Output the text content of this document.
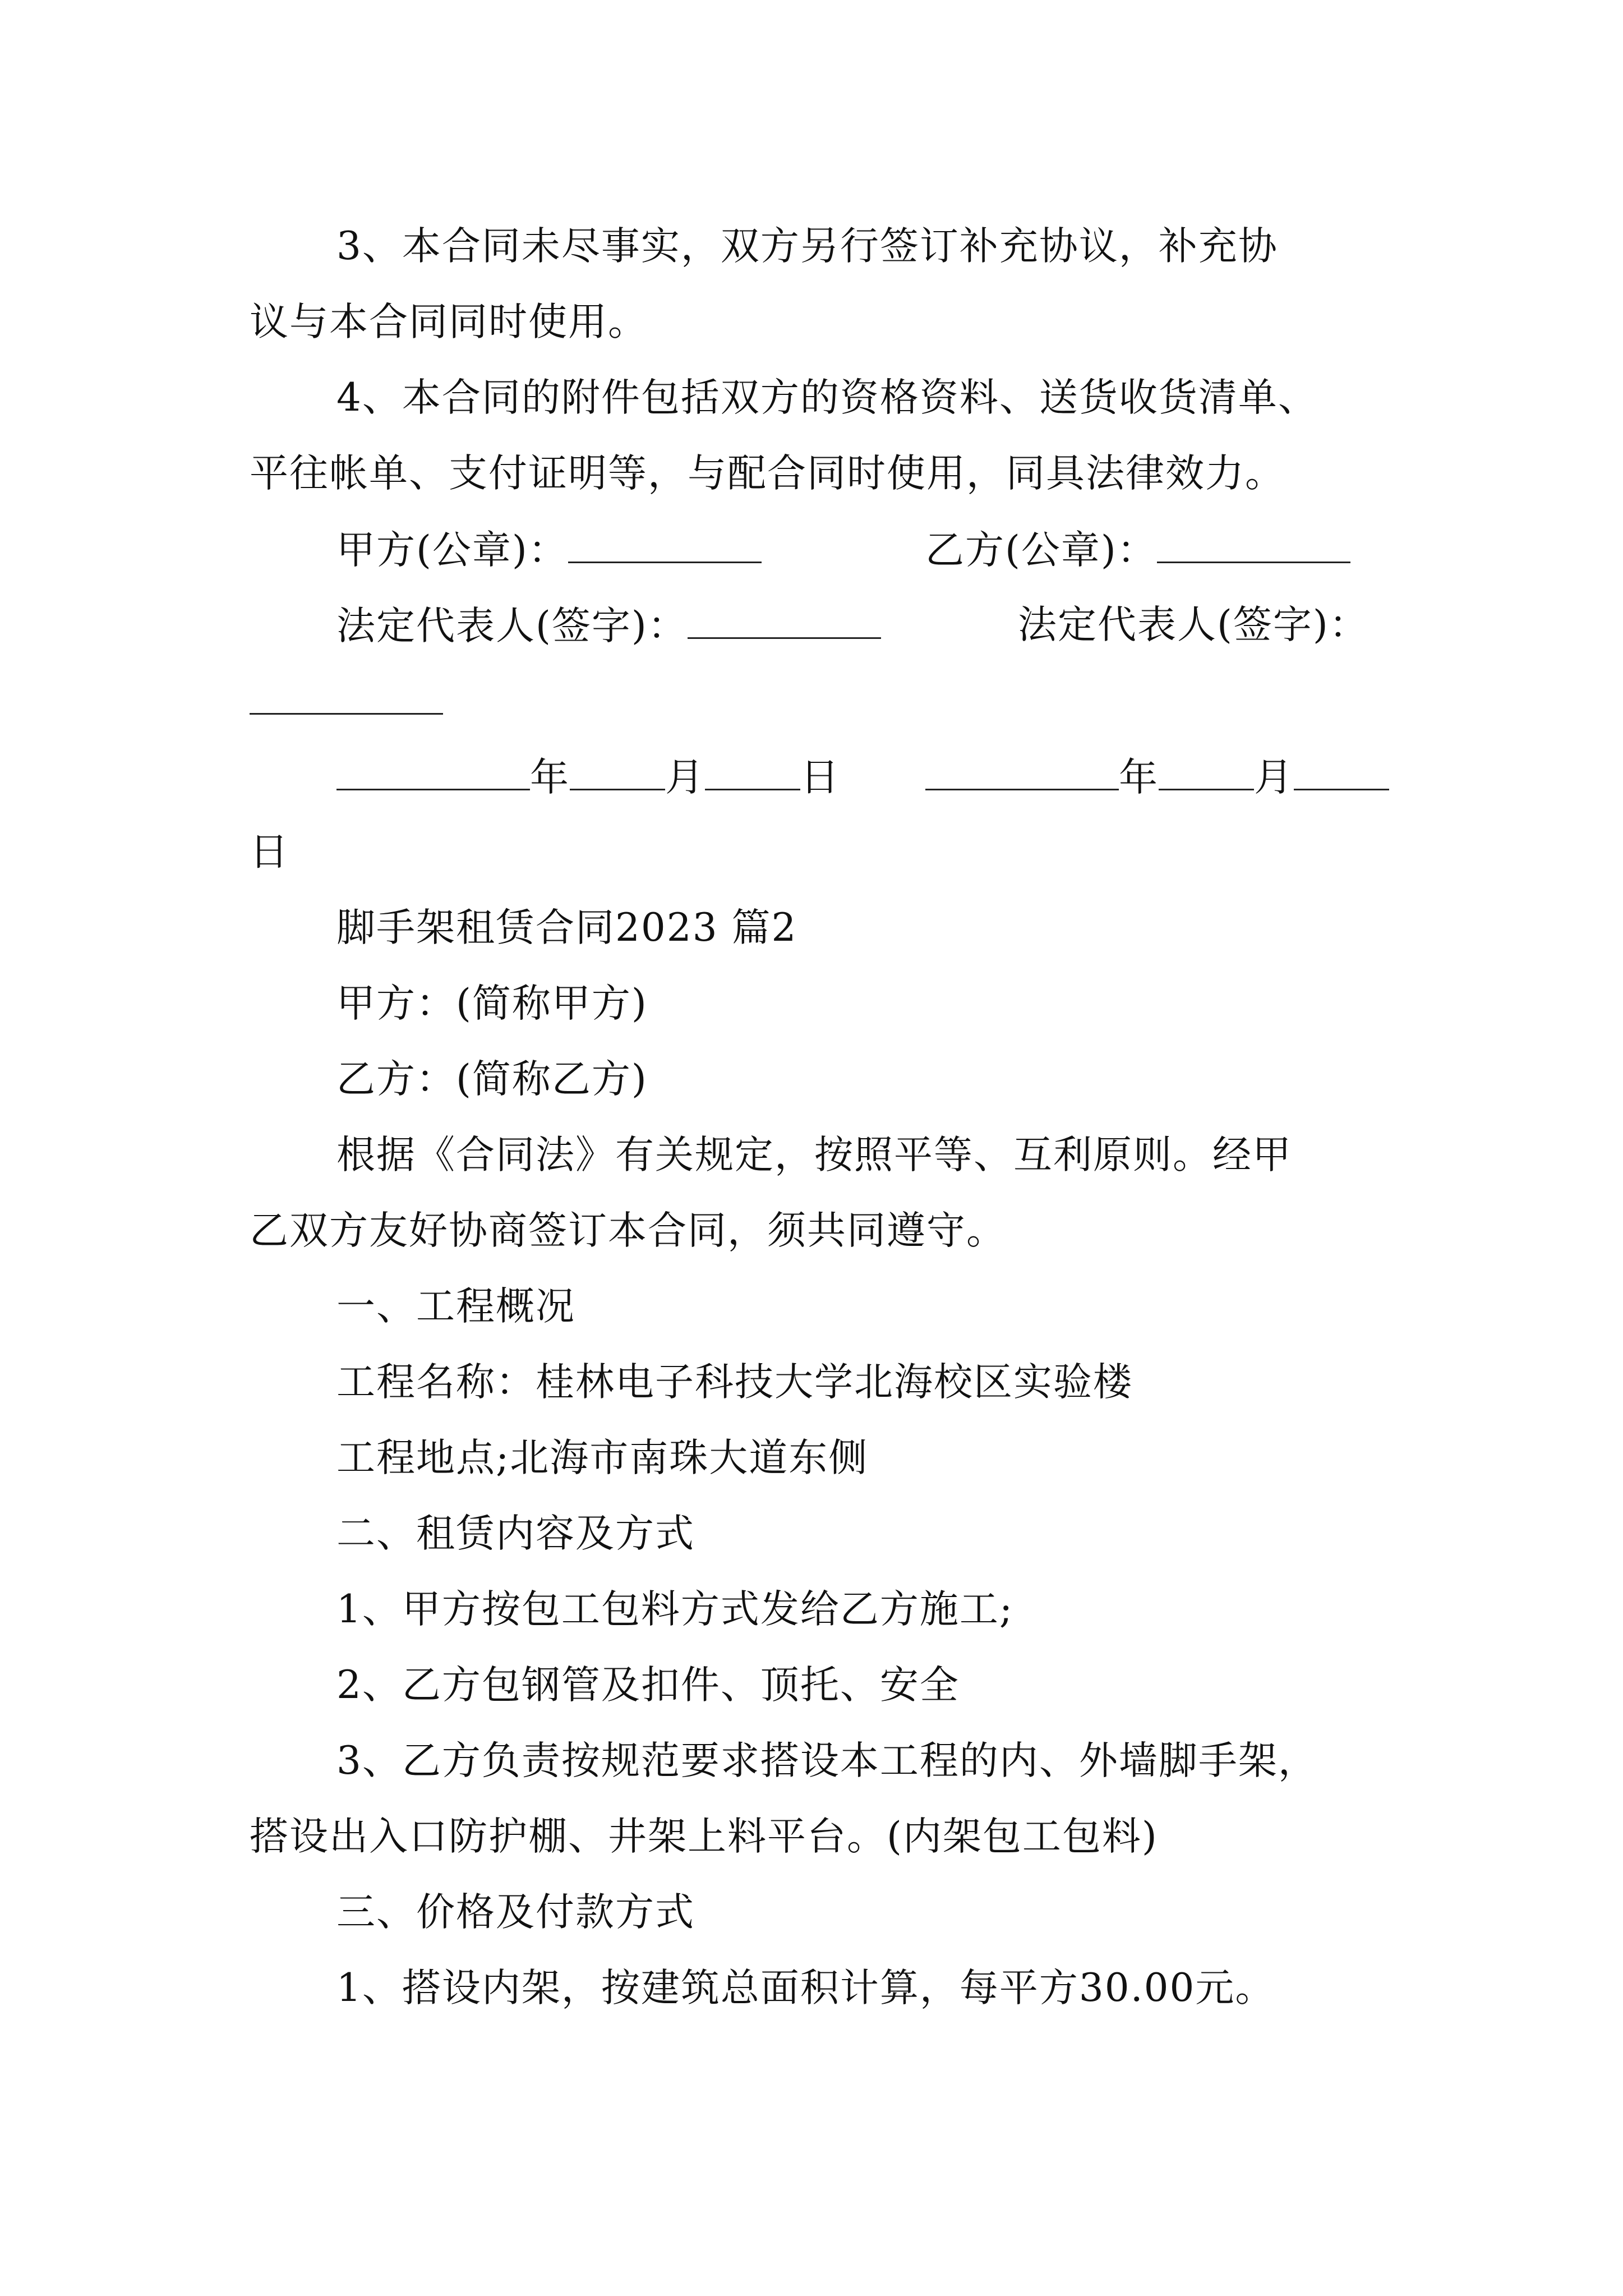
3、本合同未尽事实，双方另行签订补充协议，补充协
议与本合同同时使用。
4、本合同的附件包括双方的资格资料、送货收货清单、
平往帐单、支付证明等，与配合同时使用，同具法律效力。
甲方(公章)：	乙方(公章)：
法定代表人(签字)：	法定代表人(签字)：
年 月 日	年 月
日
脚手架租赁合同2023 篇2
甲方：(简称甲方)
乙方：(简称乙方)
根据《合同法》有关规定，按照平等、互利原则。经甲
乙双方友好协商签订本合同，须共同遵守。
一、工程概况
工程名称：桂林电子科技大学北海校区实验楼
工程地点;北海市南珠大道东侧
二、租赁内容及方式
1、甲方按包工包料方式发给乙方施工;
2、乙方包钢管及扣件、顶托、安全
3、乙方负责按规范要求搭设本工程的内、外墙脚手架，
搭设出入口防护棚、井架上料平台。(内架包工包料)
三、价格及付款方式
1、搭设内架，按建筑总面积计算，每平方30.00元。
